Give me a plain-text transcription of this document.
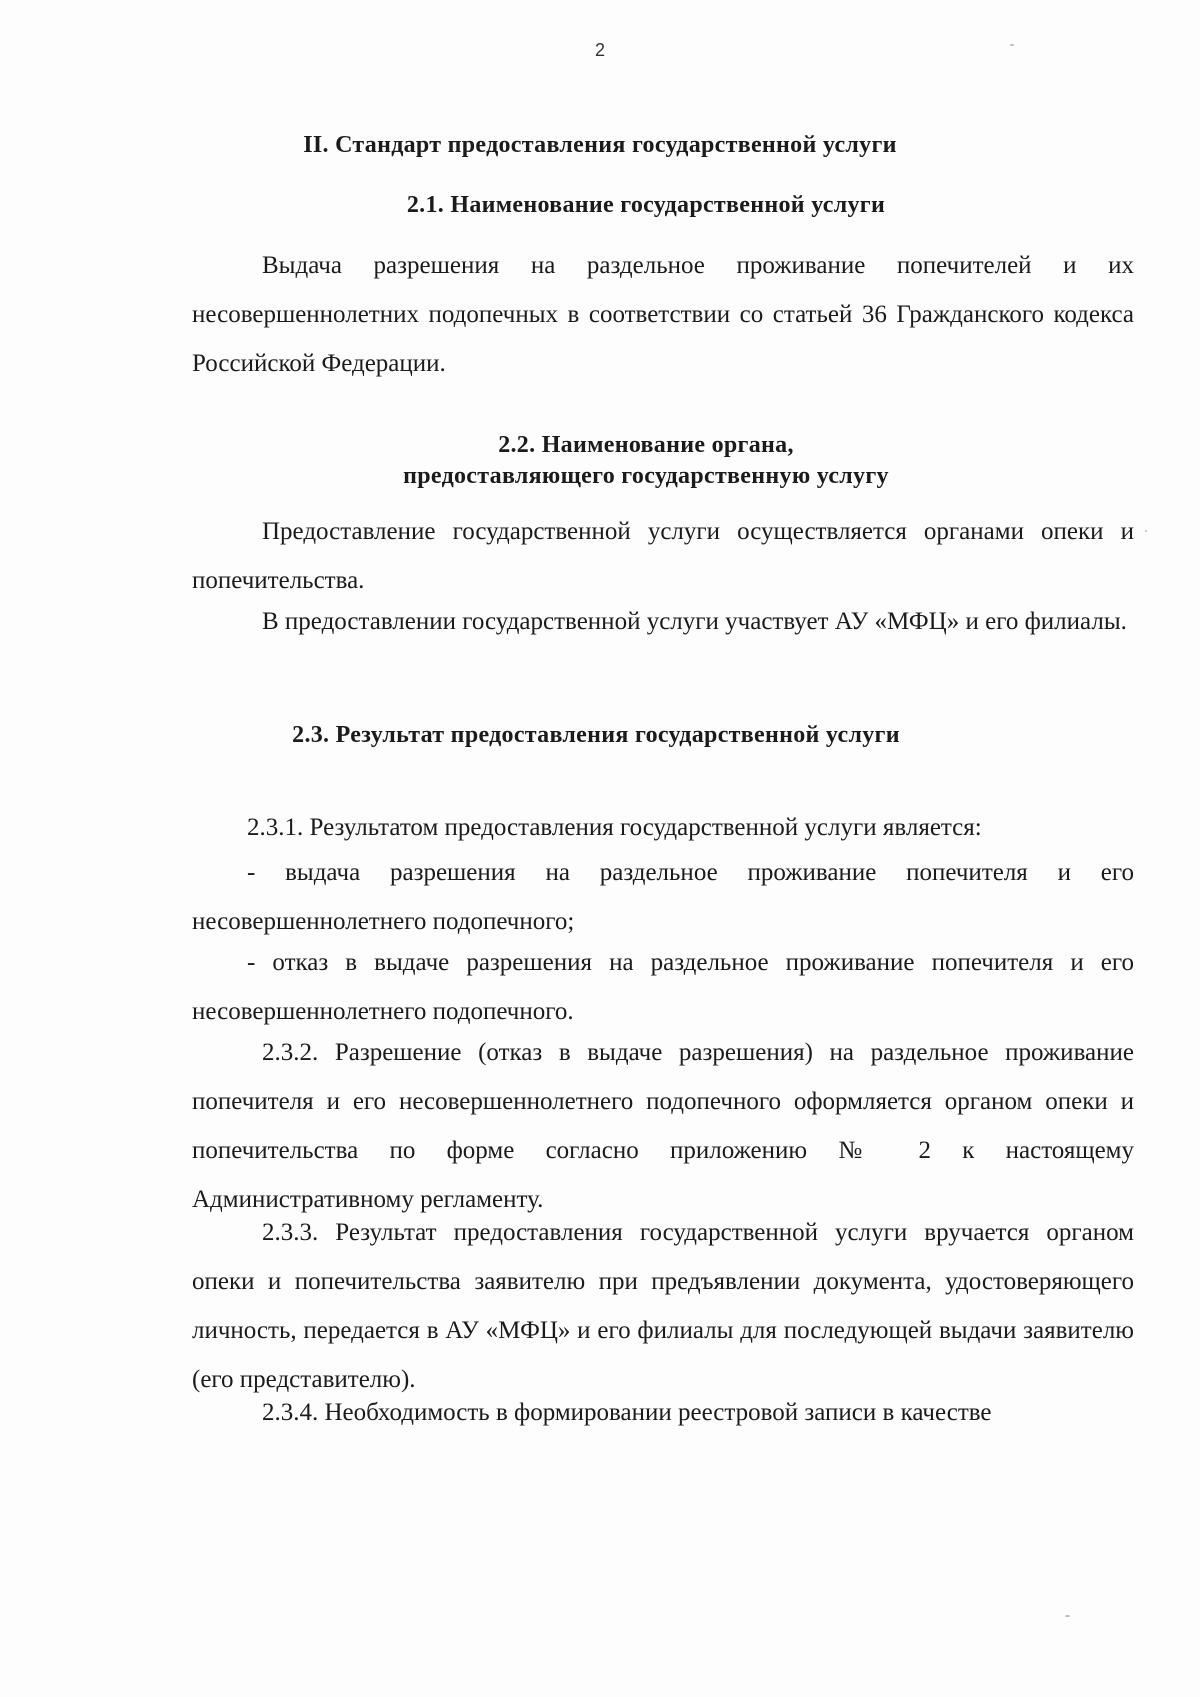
2
II. Стандарт предоставления государственной услуги
2.1. Наименование государственной услуги
Выдача разрешения на раздельное проживание попечителей и их несовершеннолетних подопечных в соответствии со статьей 36 Гражданского кодекса Российской Федерации.
2.2. Наименование органа,
предоставляющего государственную услугу
Предоставление государственной услуги осуществляется органами опеки и попечительства.
В предоставлении государственной услуги участвует АУ «МФЦ» и его филиалы.
2.3. Результат предоставления государственной услуги
2.3.1. Результатом предоставления государственной услуги является:
- выдача разрешения на раздельное проживание попечителя и его несовершеннолетнего подопечного;
- отказ в выдаче разрешения на раздельное проживание попечителя и его несовершеннолетнего подопечного.
2.3.2. Разрешение (отказ в выдаче разрешения) на раздельное проживание попечителя и его несовершеннолетнего подопечного оформляется органом опеки и попечительства по форме согласно приложению № 2 к настоящему Административному регламенту.
2.3.3. Результат предоставления государственной услуги вручается органом опеки и попечительства заявителю при предъявлении документа, удостоверяющего личность, передается в АУ «МФЦ» и его филиалы для последующей выдачи заявителю (его представителю).
2.3.4. Необходимость в формировании реестровой записи в качестве
